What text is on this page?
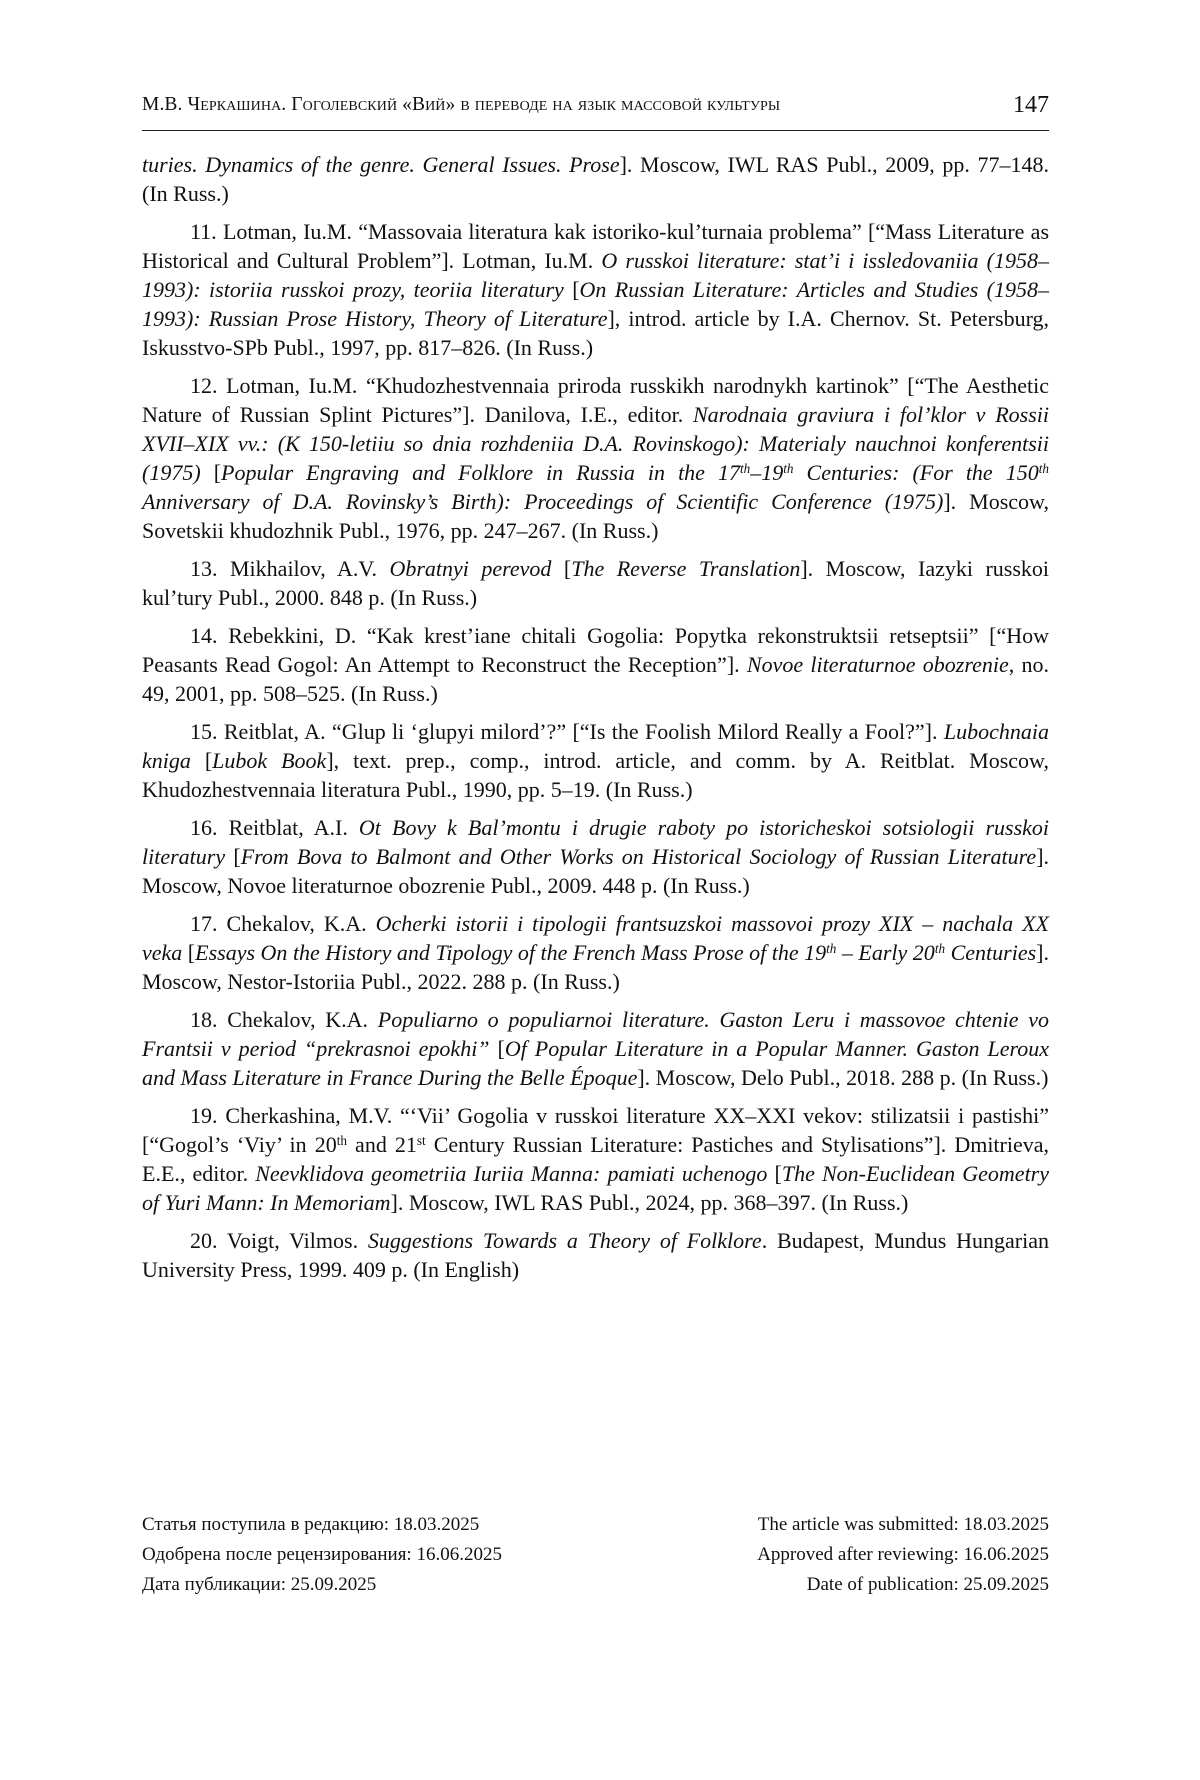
М.В. Черкашина. Гоголевский «Вий» в переводе на язык массовой культуры	147

turies. Dynamics of the genre. General Issues. Prose]. Moscow, IWL RAS Publ., 2009, pp. 77–148. (In Russ.)

11. Lotman, Iu.M. “Massovaia literatura kak istoriko-kul’turnaia problema” [“Mass Literature as Historical and Cultural Problem”]. Lotman, Iu.M. O russkoi literature: stat’i i issledovaniia (1958–1993): istoriia russkoi prozy, teoriia literatury [On Russian Literature: Articles and Studies (1958–1993): Russian Prose History, Theory of Literature], introd. article by I.A. Chernov. St. Petersburg, Iskusstvo-SPb Publ., 1997, pp. 817–826. (In Russ.)

12. Lotman, Iu.M. “Khudozhestvennaia priroda russkikh narodnykh kartinok” [“The Aesthetic Nature of Russian Splint Pictures”]. Danilova, I.E., editor. Narodnaia graviura i fol’klor v Rossii XVII–XIX vv.: (K 150-letiiu so dnia rozhdeniia D.A. Rovinskogo): Materialy nauchnoi konferentsii (1975) [Popular Engraving and Folklore in Russia in the 17th–19th Centuries: (For the 150th Anniversary of D.A. Rovinsky’s Birth): Proceedings of Scientific Conference (1975)]. Moscow, Sovetskii khudozhnik Publ., 1976, pp. 247–267. (In Russ.)

13. Mikhailov, A.V. Obratnyi perevod [The Reverse Translation]. Moscow, Iazyki russkoi kul’tury Publ., 2000. 848 p. (In Russ.)

14. Rebekkini, D. “Kak krest’iane chitali Gogolia: Popytka rekonstruktsii retseptsii” [“How Peasants Read Gogol: An Attempt to Reconstruct the Reception”]. Novoe literaturnoe obozrenie, no. 49, 2001, pp. 508–525. (In Russ.)

15. Reitblat, A. “Glup li ‘glupyi milord’?” [“Is the Foolish Milord Really a Fool?”]. Lubochnaia kniga [Lubok Book], text. prep., comp., introd. article, and comm. by A. Reitblat. Moscow, Khudozhestvennaia literatura Publ., 1990, pp. 5–19. (In Russ.)

16. Reitblat, A.I. Ot Bovy k Bal’montu i drugie raboty po istoricheskoi sotsiologii russkoi literatury [From Bova to Balmont and Other Works on Historical Sociology of Russian Literature]. Moscow, Novoe literaturnoe obozrenie Publ., 2009. 448 p. (In Russ.)

17. Chekalov, K.A. Ocherki istorii i tipologii frantsuzskoi massovoi prozy XIX – nachala XX veka [Essays On the History and Tipology of the French Mass Prose of the 19th – Early 20th Centuries]. Moscow, Nestor-Istoriia Publ., 2022. 288 p. (In Russ.)

18. Chekalov, K.A. Populiarno o populiarnoi literature. Gaston Leru i massovoe chtenie vo Frantsii v period “prekrasnoi epokhi” [Of Popular Literature in a Popular Manner. Gaston Leroux and Mass Literature in France During the Belle Époque]. Moscow, Delo Publ., 2018. 288 p. (In Russ.)

19. Cherkashina, M.V. “‘Vii’ Gogolia v russkoi literature XX–XXI vekov: stilizatsii i pastishi” [“Gogol’s ‘Viy’ in 20th and 21st Century Russian Literature: Pastiches and Stylisations”]. Dmitrieva, E.E., editor. Neevklidova geometriia Iuriia Manna: pamiati uchenogo [The Non-Euclidean Geometry of Yuri Mann: In Memoriam]. Moscow, IWL RAS Publ., 2024, pp. 368–397. (In Russ.)

20. Voigt, Vilmos. Suggestions Towards a Theory of Folklore. Budapest, Mundus Hungarian University Press, 1999. 409 p. (In English)

Статья поступила в редакцию: 18.03.2025
Одобрена после рецензирования: 16.06.2025
Дата публикации: 25.09.2025
The article was submitted: 18.03.2025
Approved after reviewing: 16.06.2025
Date of publication: 25.09.2025
